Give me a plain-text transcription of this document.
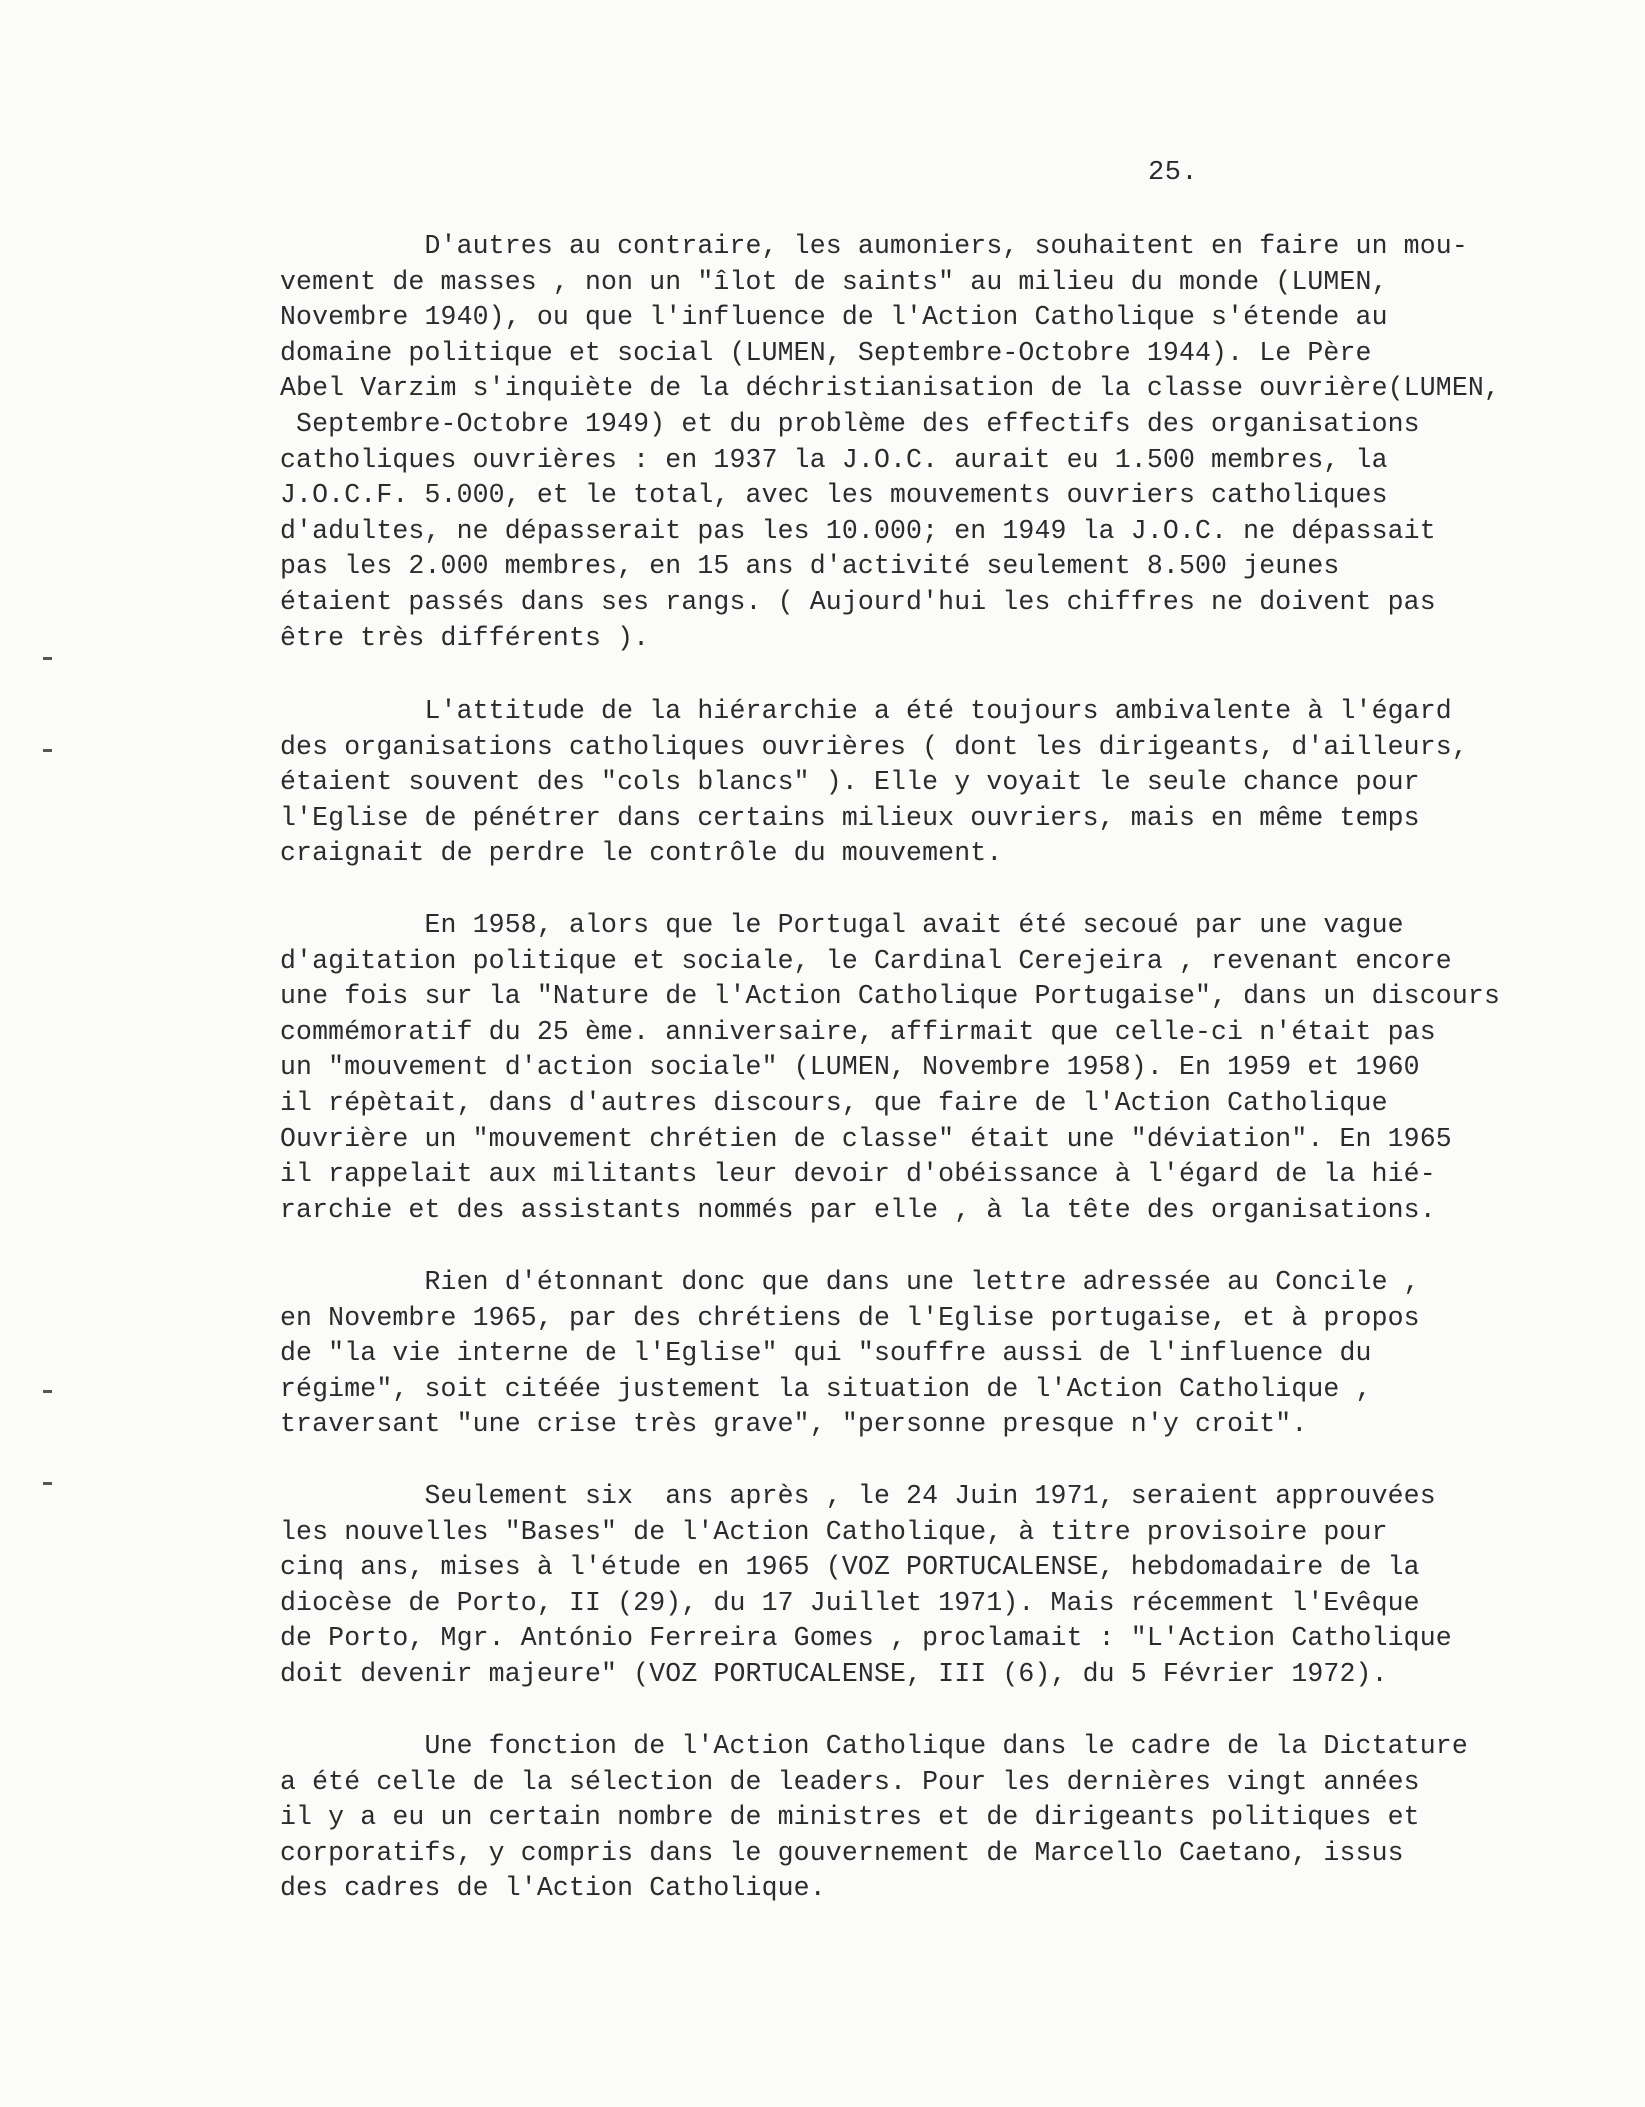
25.
D'autres au contraire, les aumoniers, souhaitent en faire un mou-
vement de masses , non un "îlot de saints" au milieu du monde (LUMEN,
Novembre 1940), ou que l'influence de l'Action Catholique s'étende au
domaine politique et social (LUMEN, Septembre-Octobre 1944). Le Père
Abel Varzim s'inquiète de la déchristianisation de la classe ouvrière(LUMEN,
Septembre-Octobre 1949) et du problème des effectifs des organisations
catholiques ouvrières : en 1937 la J.O.C. aurait eu 1.500 membres, la
J.O.C.F. 5.000, et le total, avec les mouvements ouvriers catholiques
d'adultes, ne dépasserait pas les 10.000; en 1949 la J.O.C. ne dépassait
pas les 2.000 membres, en 15 ans d'activité seulement 8.500 jeunes
étaient passés dans ses rangs. ( Aujourd'hui les chiffres ne doivent pas
être très différents ).
L'attitude de la hiérarchie a été toujours ambivalente à l'égard
des organisations catholiques ouvrières ( dont les dirigeants, d'ailleurs,
étaient souvent des "cols blancs" ). Elle y voyait le seule chance pour
l'Eglise de pénétrer dans certains milieux ouvriers, mais en même temps
craignait de perdre le contrôle du mouvement.
En 1958, alors que le Portugal avait été secoué par une vague
d'agitation politique et sociale, le Cardinal Cerejeira , revenant encore
une fois sur la "Nature de l'Action Catholique Portugaise", dans un discours
commémoratif du 25 ème. anniversaire, affirmait que celle-ci n'était pas
un "mouvement d'action sociale" (LUMEN, Novembre 1958). En 1959 et 1960
il répètait, dans d'autres discours, que faire de l'Action Catholique
Ouvrière un "mouvement chrétien de classe" était une "déviation". En 1965
il rappelait aux militants leur devoir d'obéissance à l'égard de la hié-
rarchie et des assistants nommés par elle , à la tête des organisations.
Rien d'étonnant donc que dans une lettre adressée au Concile ,
en Novembre 1965, par des chrétiens de l'Eglise portugaise, et à propos
de "la vie interne de l'Eglise" qui "souffre aussi de l'influence du
régime", soit citéée justement la situation de l'Action Catholique ,
traversant "une crise très grave", "personne presque n'y croit".
Seulement six  ans après , le 24 Juin 1971, seraient approuvées
les nouvelles "Bases" de l'Action Catholique, à titre provisoire pour
cinq ans, mises à l'étude en 1965 (VOZ PORTUCALENSE, hebdomadaire de la
diocèse de Porto, II (29), du 17 Juillet 1971). Mais récemment l'Evêque
de Porto, Mgr. António Ferreira Gomes , proclamait : "L'Action Catholique
doit devenir majeure" (VOZ PORTUCALENSE, III (6), du 5 Février 1972).
Une fonction de l'Action Catholique dans le cadre de la Dictature
a été celle de la sélection de leaders. Pour les dernières vingt années
il y a eu un certain nombre de ministres et de dirigeants politiques et
corporatifs, y compris dans le gouvernement de Marcello Caetano, issus
des cadres de l'Action Catholique.
